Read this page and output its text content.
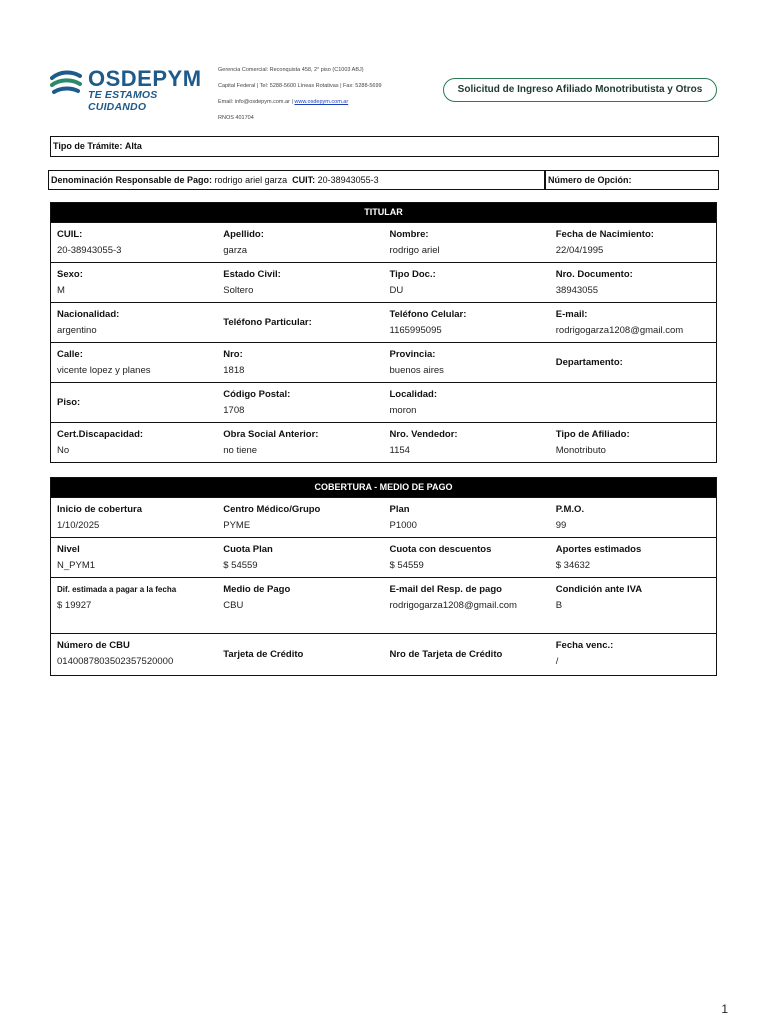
OSDEPYM
TE ESTAMOS CUIDANDO
Gerencia Comercial: Reconquista 458, 2° piso (C1003 ABJ)
Capital Federal | Tel: 5288-5600 Líneas Rotativas | Fax: 5288-5699
Email: info@osdepym.com.ar | www.osdepym.com.ar
RNOS 401704
Solicitud de Ingreso Afiliado Monotributista y Otros
Tipo de Trámite: Alta
Denominación Responsable de Pago: rodrigo ariel garza CUIT: 20-38943055-3	Número de Opción:
TITULAR
CUIL:
20-38943055-3
Apellido:
garza
Nombre:
rodrigo ariel
Fecha de Nacimiento:
22/04/1995
Sexo:
M
Estado Civil:
Soltero
Tipo Doc.:
DU
Nro. Documento:
38943055
Nacionalidad:
argentino
Teléfono Particular:
Teléfono Celular:
1165995095
E-mail:
rodrigogarza1208@gmail.com
Calle:
vicente lopez y planes
Nro:
1818
Provincia:
buenos aires
Departamento:
Piso:
Código Postal:
1708
Localidad:
moron
Cert.Discapacidad:
No
Obra Social Anterior:
no tiene
Nro. Vendedor:
1154
Tipo de Afiliado:
Monotributo
COBERTURA - MEDIO DE PAGO
Inicio de cobertura
1/10/2025
Centro Médico/Grupo
PYME
Plan
P1000
P.M.O.
99
Nivel
N_PYM1
Cuota Plan
$ 54559
Cuota con descuentos
$ 54559
Aportes estimados
$ 34632
Dif. estimada a pagar a la fecha
$ 19927
Medio de Pago
CBU
E-mail del Resp. de pago
rodrigogarza1208@gmail.com
Condición ante IVA
B
Número de CBU
0140087803502357520000
Tarjeta de Crédito	Nro de Tarjeta de Crédito
Fecha venc.:
/
1
